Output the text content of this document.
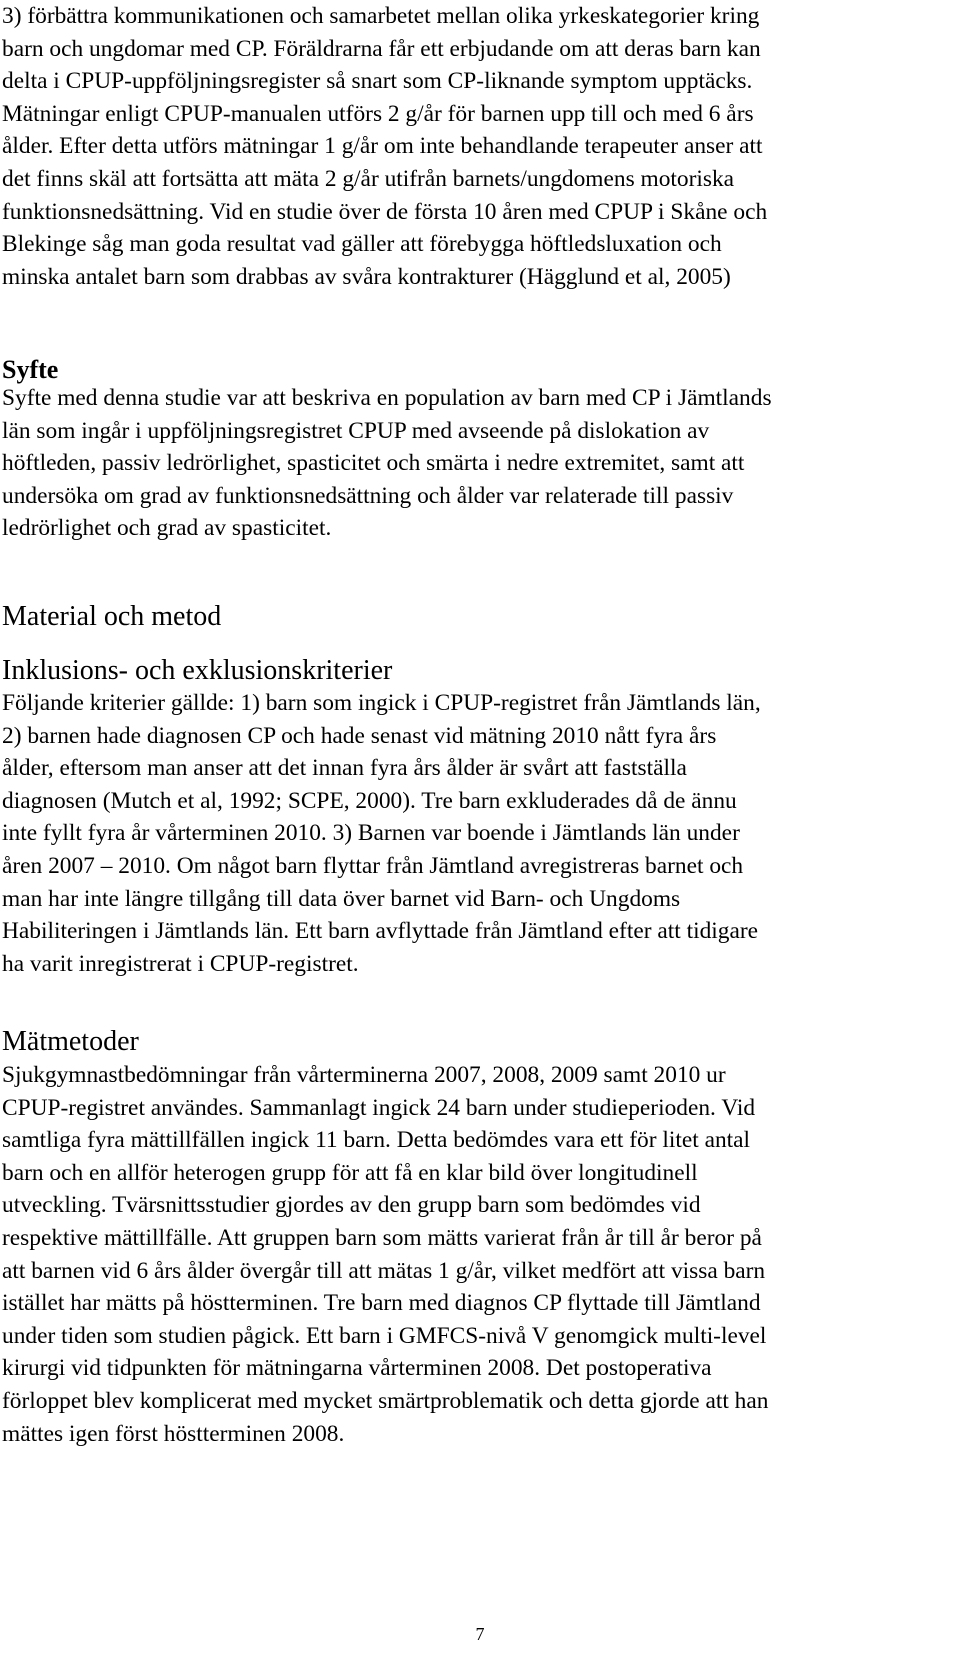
3) förbättra kommunikationen och samarbetet mellan olika yrkeskategorier kring
barn och ungdomar med CP. Föräldrarna får ett erbjudande om att deras barn kan
delta i CPUP-uppföljningsregister så snart som CP-liknande symptom upptäcks.
Mätningar enligt CPUP-manualen utförs 2 g/år för barnen upp till och med 6 års
ålder. Efter detta utförs mätningar 1 g/år om inte behandlande terapeuter anser att
det finns skäl att fortsätta att mäta 2 g/år utifrån barnets/ungdomens motoriska
funktionsnedsättning. Vid en studie över de första 10 åren med CPUP i Skåne och
Blekinge såg man goda resultat vad gäller att förebygga höftledsluxation och
minska antalet barn som drabbas av svåra kontrakturer (Hägglund et al, 2005)

Syfte

Syfte med denna studie var att beskriva en population av barn med CP i Jämtlands
län som ingår i uppföljningsregistret CPUP med avseende på dislokation av
höftleden, passiv ledrörlighet, spasticitet och smärta i nedre extremitet, samt att
undersöka om grad av funktionsnedsättning och ålder var relaterade till passiv
ledrörlighet och grad av spasticitet.

Material och metod
Inklusions- och exklusionskriterier

Följande kriterier gällde: 1) barn som ingick i CPUP-registret från Jämtlands län,
2) barnen hade diagnosen CP och hade senast vid mätning 2010 nått fyra års
ålder, eftersom man anser att det innan fyra års ålder är svårt att fastställa
diagnosen (Mutch et al, 1992; SCPE, 2000). Tre barn exkluderades då de ännu
inte fyllt fyra år vårterminen 2010. 3) Barnen var boende i Jämtlands län under
åren 2007 – 2010. Om något barn flyttar från Jämtland avregistreras barnet och
man har inte längre tillgång till data över barnet vid Barn- och Ungdoms
Habiliteringen i Jämtlands län. Ett barn avflyttade från Jämtland efter att tidigare
ha varit inregistrerat i CPUP-registret.

Mätmetoder

Sjukgymnastbedömningar från vårterminerna 2007, 2008, 2009 samt 2010 ur
CPUP-registret användes. Sammanlagt ingick 24 barn under studieperioden. Vid
samtliga fyra mättillfällen ingick 11 barn. Detta bedömdes vara ett för litet antal
barn och en allför heterogen grupp för att få en klar bild över longitudinell
utveckling. Tvärsnittsstudier gjordes av den grupp barn som bedömdes vid
respektive mättillfälle. Att gruppen barn som mätts varierat från år till år beror på
att barnen vid 6 års ålder övergår till att mätas 1 g/år, vilket medfört att vissa barn
istället har mätts på höstterminen. Tre barn med diagnos CP flyttade till Jämtland
under tiden som studien pågick. Ett barn i GMFCS-nivå V genomgick multi-level
kirurgi vid tidpunkten för mätningarna vårterminen 2008. Det postoperativa
förloppet blev komplicerat med mycket smärtproblematik och detta gjorde att han
mättes igen först höstterminen 2008.

7
